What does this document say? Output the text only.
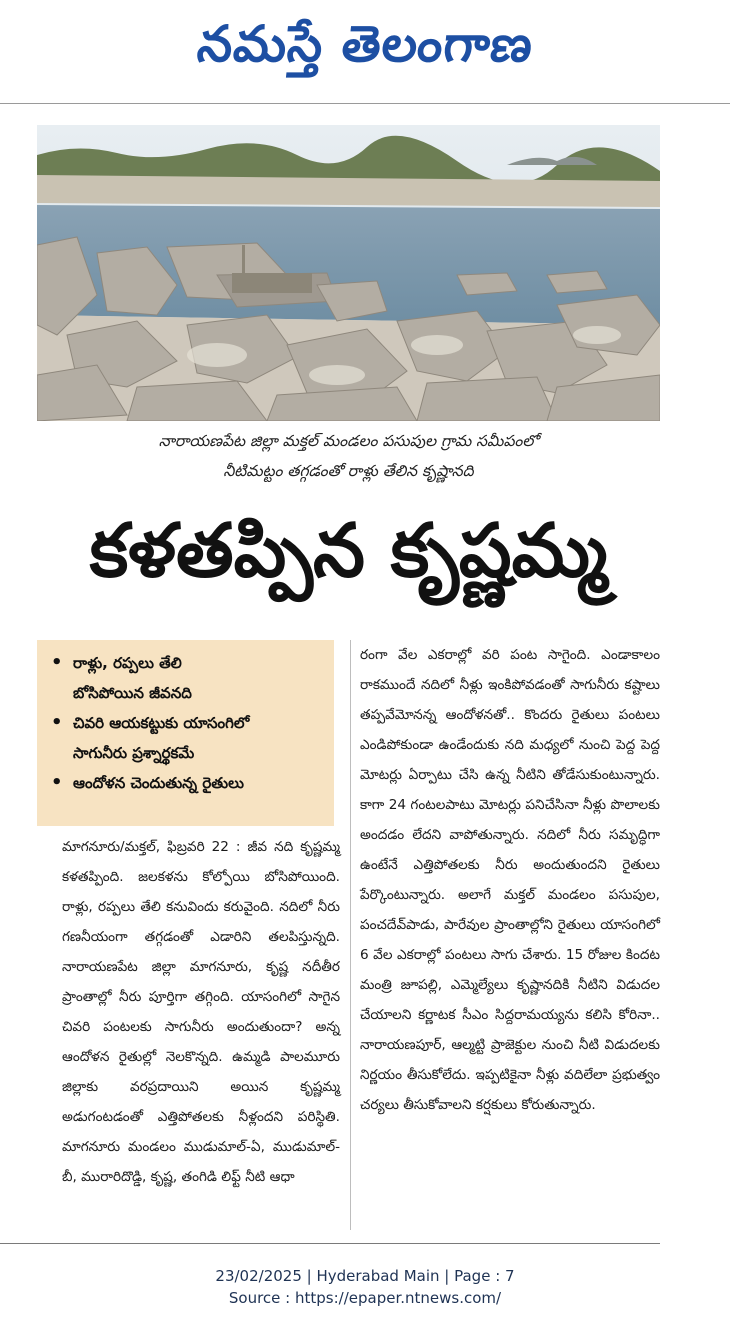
నమస్తే తెలంగాణ
నారాయణపేట జిల్లా మక్తల్ మండలం పసుపుల గ్రామ సమీపంలో
నీటిమట్టం తగ్గడంతో రాళ్లు తేలిన కృష్ణానది
కళతప్పిన కృష్ణమ్మ
• రాళ్లు, రప్పలు తేలి
బోసిపోయిన జీవనది
• చివరి ఆయకట్టుకు యాసంగిలో
సాగునీరు ప్రశ్నార్థకమే
• ఆందోళన చెందుతున్న రైతులు
మాగనూరు/మక్తల్, ఫిబ్రవరి 22 : జీవ నది కృష్ణమ్మ కళతప్పింది. జలకళను కోల్పోయి బోసిపోయింది. రాళ్లు, రప్పలు తేలి కనువిందు కరువైంది. నదిలో నీరు గణనీయంగా తగ్గడంతో ఎడారిని తలపిస్తున్నది. నారాయణపేట జిల్లా మాగనూరు, కృష్ణ నదీతీర ప్రాంతాల్లో నీరు పూర్తిగా తగ్గింది. యాసంగిలో సాగైన చివరి పంటలకు సాగునీరు అందుతుందా? అన్న ఆందోళన రైతుల్లో నెలకొన్నది. ఉమ్మడి పాలమూరు జిల్లాకు వరప్రదాయిని అయిన కృష్ణమ్మ అడుగంటడంతో ఎత్తిపోతలకు నీళ్లందని పరిస్థితి. మాగనూరు మండలం ముడుమాల్-ఏ, ముడుమాల్-బీ, మురారిదొడ్డి, కృష్ణ, తంగిడి లిఫ్ట్ నీటి ఆధా
రంగా వేల ఎకరాల్లో వరి పంట సాగైంది. ఎండాకాలం రాకముందే నదిలో నీళ్లు ఇంకిపోవడంతో సాగునీరు కష్టాలు తప్పవేమోనన్న ఆందోళనతో.. కొందరు రైతులు పంటలు ఎండిపోకుండా ఉండేందుకు నది మధ్యలో నుంచి పెద్ద పెద్ద మోటర్లు ఏర్పాటు చేసి ఉన్న నీటిని తోడేసుకుంటున్నారు. కాగా 24 గంటలపాటు మోటర్లు పనిచేసినా నీళ్లు పొలాలకు అందడం లేదని వాపోతున్నారు. నదిలో నీరు సమృద్ధిగా ఉంటేనే ఎత్తిపోతలకు నీరు అందుతుందని రైతులు పేర్కొంటున్నారు. అలాగే మక్తల్ మండలం పసుపుల, పంచదేవ్‌పాడు, పారేవుల ప్రాంతాల్లోని రైతులు యాసంగిలో 6 వేల ఎకరాల్లో పంటలు సాగు చేశారు. 15 రోజుల కిందట మంత్రి జూపల్లి, ఎమ్మెల్యేలు కృష్ణానదికి నీటిని విడుదల చేయాలని కర్ణాటక సీఎం సిద్దరామయ్యను కలిసి కోరినా.. నారాయణపూర్, ఆల్మట్టి ప్రాజెక్టుల నుంచి నీటి విడుదలకు నిర్ణయం తీసుకోలేదు. ఇప్పటికైనా నీళ్లు వదిలేలా ప్రభుత్వం చర్యలు తీసుకోవాలని కర్షకులు కోరుతున్నారు.
23/02/2025 | Hyderabad Main | Page : 7
Source : https://epaper.ntnews.com/
